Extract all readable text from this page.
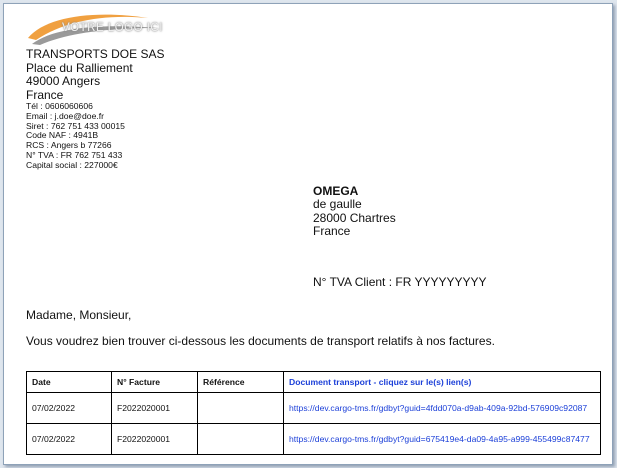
VOTRE LOGO ICI
TRANSPORTS DOE SAS
Place du Ralliement
49000 Angers
France
Tél : 0606060606
Email : j.doe@doe.fr
Siret : 762 751 433 00015
Code NAF : 4941B
RCS : Angers b 77266
N° TVA : FR 762 751 433
Capital social : 227000€
OMEGA
de gaulle
28000 Chartres
France
N° TVA Client : FR YYYYYYYYY
Madame, Monsieur,
Vous voudrez bien trouver ci-dessous les documents de transport relatifs à nos factures.
Date	N° Facture	Référence	Document transport - cliquez sur le(s) lien(s)
07/02/2022	F2022020001		https://dev.cargo-tms.fr/gdbyt?guid=4fdd070a-d9ab-409a-92bd-576909c92087
07/02/2022	F2022020001		https://dev.cargo-tms.fr/gdbyt?guid=675419e4-da09-4a95-a999-455499c87477
